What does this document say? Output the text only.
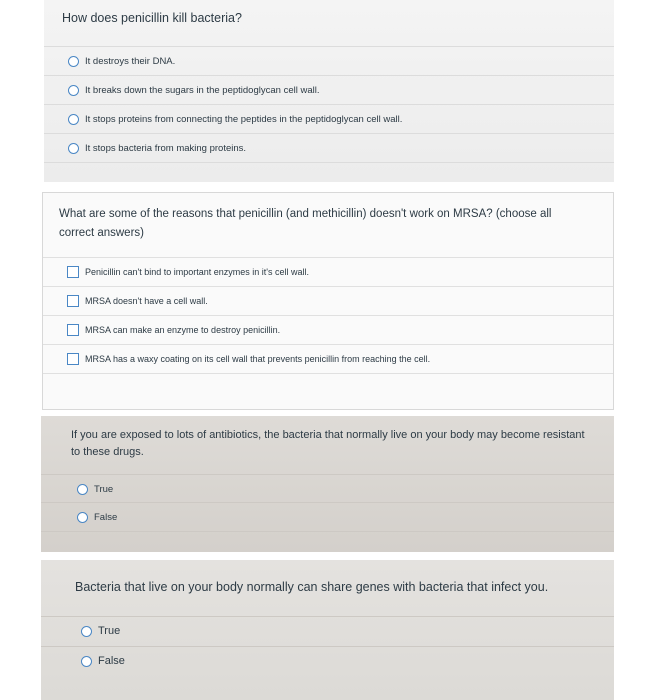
How does penicillin kill bacteria?
It destroys their DNA.
It breaks down the sugars in the peptidoglycan cell wall.
It stops proteins from connecting the peptides in the peptidoglycan cell wall.
It stops bacteria from making proteins.
What are some of the reasons that penicillin (and methicillin) doesn't work on MRSA? (choose all correct answers)
Penicillin can't bind to important enzymes in it's cell wall.
MRSA doesn't have a cell wall.
MRSA can make an enzyme to destroy penicillin.
MRSA has a waxy coating on its cell wall that prevents penicillin from reaching the cell.
If you are exposed to lots of antibiotics, the bacteria that normally live on your body may become resistant to these drugs.
True
False
Bacteria that live on your body normally can share genes with bacteria that infect you.
True
False
